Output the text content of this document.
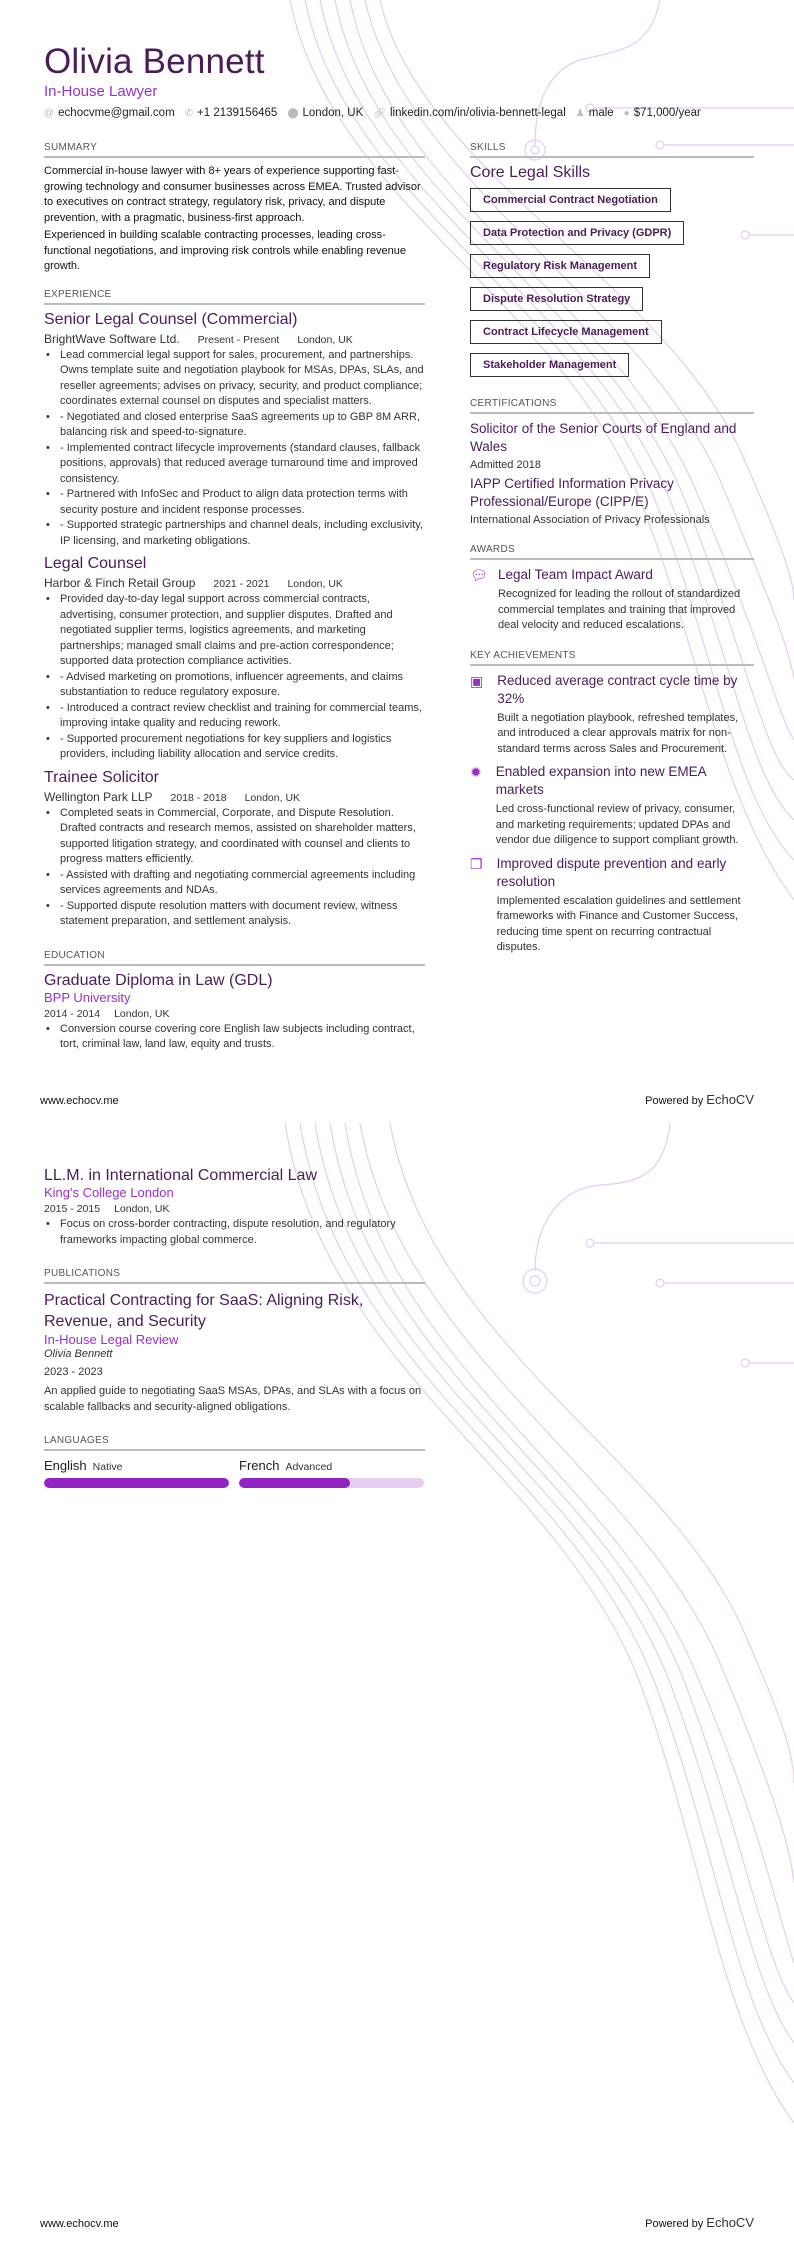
Olivia Bennett
In-House Lawyer
@ echocvme@gmail.com ✆ +1 2139156465 ⬤ London, UK 🔗︎ linkedin.com/in/olivia-bennett-legal ♟ male ● $71,000/year
SUMMARY

Commercial in-house lawyer with 8+ years of experience supporting fast-growing technology and consumer businesses across EMEA. Trusted advisor to executives on contract strategy, regulatory risk, privacy, and dispute prevention, with a pragmatic, business-first approach.

Experienced in building scalable contracting processes, leading cross-functional negotiations, and improving risk controls while enabling revenue growth.

EXPERIENCE
Senior Legal Counsel (Commercial)
BrightWave Software Ltd. Present - Present London, UK
• Lead commercial legal support for sales, procurement, and partnerships. Owns template suite and negotiation playbook for MSAs, DPAs, SLAs, and reseller agreements; advises on privacy, security, and product compliance; coordinates external counsel on disputes and specialist matters.
• - Negotiated and closed enterprise SaaS agreements up to GBP 8M ARR, balancing risk and speed-to-signature.
• - Implemented contract lifecycle improvements (standard clauses, fallback positions, approvals) that reduced average turnaround time and improved consistency.
• - Partnered with InfoSec and Product to align data protection terms with security posture and incident response processes.
• - Supported strategic partnerships and channel deals, including exclusivity, IP licensing, and marketing obligations.
Legal Counsel
Harbor & Finch Retail Group 2021 - 2021 London, UK
• Provided day-to-day legal support across commercial contracts, advertising, consumer protection, and supplier disputes. Drafted and negotiated supplier terms, logistics agreements, and marketing partnerships; managed small claims and pre-action correspondence; supported data protection compliance activities.
• - Advised marketing on promotions, influencer agreements, and claims substantiation to reduce regulatory exposure.
• - Introduced a contract review checklist and training for commercial teams, improving intake quality and reducing rework.
• - Supported procurement negotiations for key suppliers and logistics providers, including liability allocation and service credits.
Trainee Solicitor
Wellington Park LLP 2018 - 2018 London, UK
• Completed seats in Commercial, Corporate, and Dispute Resolution. Drafted contracts and research memos, assisted on shareholder matters, supported litigation strategy, and coordinated with counsel and clients to progress matters efficiently.
• - Assisted with drafting and negotiating commercial agreements including services agreements and NDAs.
• - Supported dispute resolution matters with document review, witness statement preparation, and settlement analysis.
EDUCATION
Graduate Diploma in Law (GDL)
BPP University
2014 - 2014 London, UK
• Conversion course covering core English law subjects including contract, tort, criminal law, land law, equity and trusts.
SKILLS
Core Legal Skills
Commercial Contract Negotiation
Data Protection and Privacy (GDPR)
Regulatory Risk Management
Dispute Resolution Strategy
Contract Lifecycle Management
Stakeholder Management
CERTIFICATIONS
Solicitor of the Senior Courts of England and Wales
Admitted 2018
IAPP Certified Information Privacy Professional/Europe (CIPP/E)
International Association of Privacy Professionals
AWARDS
💬︎ Legal Team Impact Award
Recognized for leading the rollout of standardized commercial templates and training that improved deal velocity and reduced escalations.
KEY ACHIEVEMENTS
▣ Reduced average contract cycle time by 32%
Built a negotiation playbook, refreshed templates, and introduced a clear approvals matrix for non-standard terms across Sales and Procurement.
✹ Enabled expansion into new EMEA markets
Led cross-functional review of privacy, consumer, and marketing requirements; updated DPAs and vendor due diligence to support compliant growth.
❐ Improved dispute prevention and early resolution
Implemented escalation guidelines and settlement frameworks with Finance and Customer Success, reducing time spent on recurring contractual disputes.
www.echocv.me	Powered by EchoCV
LL.M. in International Commercial Law
King's College London
2015 - 2015 London, UK
• Focus on cross-border contracting, dispute resolution, and regulatory frameworks impacting global commerce.
PUBLICATIONS
Practical Contracting for SaaS: Aligning Risk, Revenue, and Security
In-House Legal Review
Olivia Bennett
2023 - 2023
An applied guide to negotiating SaaS MSAs, DPAs, and SLAs with a focus on scalable fallbacks and security-aligned obligations.
LANGUAGES
English Native	French Advanced
www.echocv.me	Powered by EchoCV
